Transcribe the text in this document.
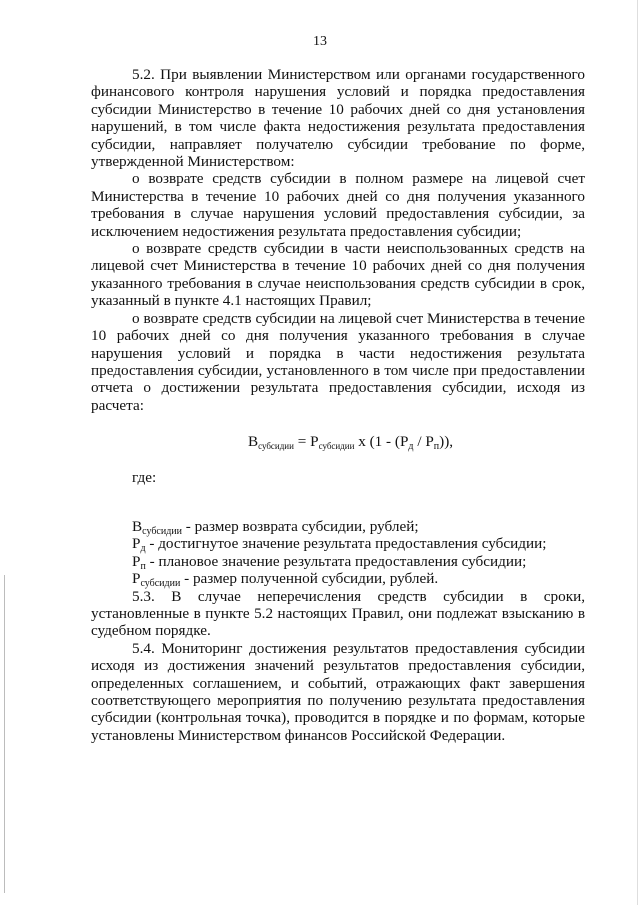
13

5.2. При выявлении Министерством или органами государственного финансового контроля нарушения условий и порядка предоставления субсидии Министерство в течение 10 рабочих дней со дня установления нарушений, в том числе факта недостижения результата предоставления субсидии, направляет получателю субсидии требование по форме, утвержденной Министерством:

о возврате средств субсидии в полном размере на лицевой счет Министерства в течение 10 рабочих дней со дня получения указанного требования в случае нарушения условий предоставления субсидии, за исключением недостижения результата предоставления субсидии;

о возврате средств субсидии в части неиспользованных средств на лицевой счет Министерства в течение 10 рабочих дней со дня получения указанного требования в случае неиспользования средств субсидии в срок, указанный в пункте 4.1 настоящих Правил;

о возврате средств субсидии на лицевой счет Министерства в течение 10 рабочих дней со дня получения указанного требования в случае нарушения условий и порядка в части недостижения результата предоставления субсидии, установленного в том числе при предоставлении отчета о достижении результата предоставления субсидии, исходя из расчета:

$В_{субсидии} = Р_{субсидии}$ х $(1 - (Р_д / Р_п))$,

где:

$В_{субсидии}$ - размер возврата субсидии, рублей;

$Р_д$ - достигнутое значение результата предоставления субсидии;

$Р_п$ - плановое значение результата предоставления субсидии;

$Р_{субсидии}$ - размер полученной субсидии, рублей.

5.3. В случае неперечисления средств субсидии в сроки, установленные в пункте 5.2 настоящих Правил, они подлежат взысканию в судебном порядке.

5.4. Мониторинг достижения результатов предоставления субсидии исходя из достижения значений результатов предоставления субсидии, определенных соглашением, и событий, отражающих факт завершения соответствующего мероприятия по получению результата предоставления субсидии (контрольная точка), проводится в порядке и по формам, которые установлены Министерством финансов Российской Федерации.
